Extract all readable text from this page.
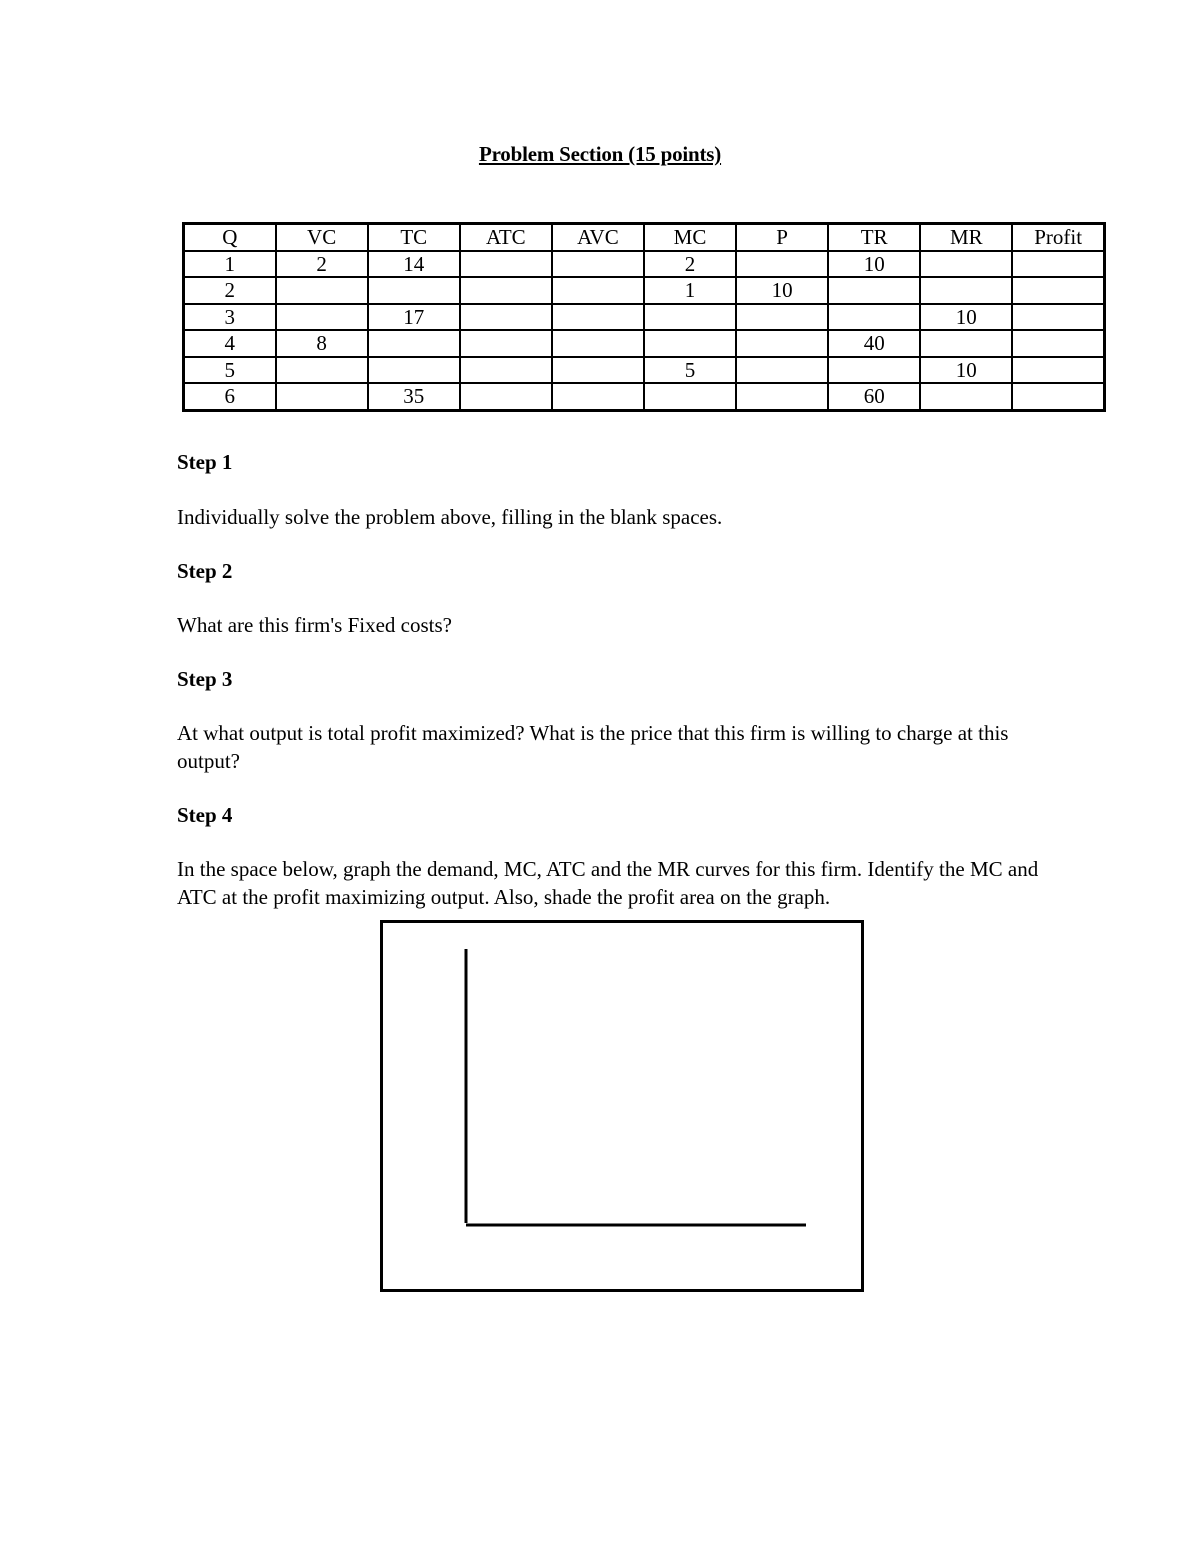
Problem Section (15 points)
Q	VC	TC	ATC	AVC	MC	P	TR	MR	Profit
1	2	14			2		10		
2					1	10			
3		17						10	
4	8						40		
5					5			10	
6		35					60		
Step 1
Individually solve the problem above, filling in the blank spaces.
Step 2
What are this firm's Fixed costs?
Step 3
At what output is total profit maximized? What is the price that this firm is willing to charge at this output?
Step 4
In the space below, graph the demand, MC, ATC and the MR curves for this firm. Identify the MC and ATC at the profit maximizing output. Also, shade the profit area on the graph.
